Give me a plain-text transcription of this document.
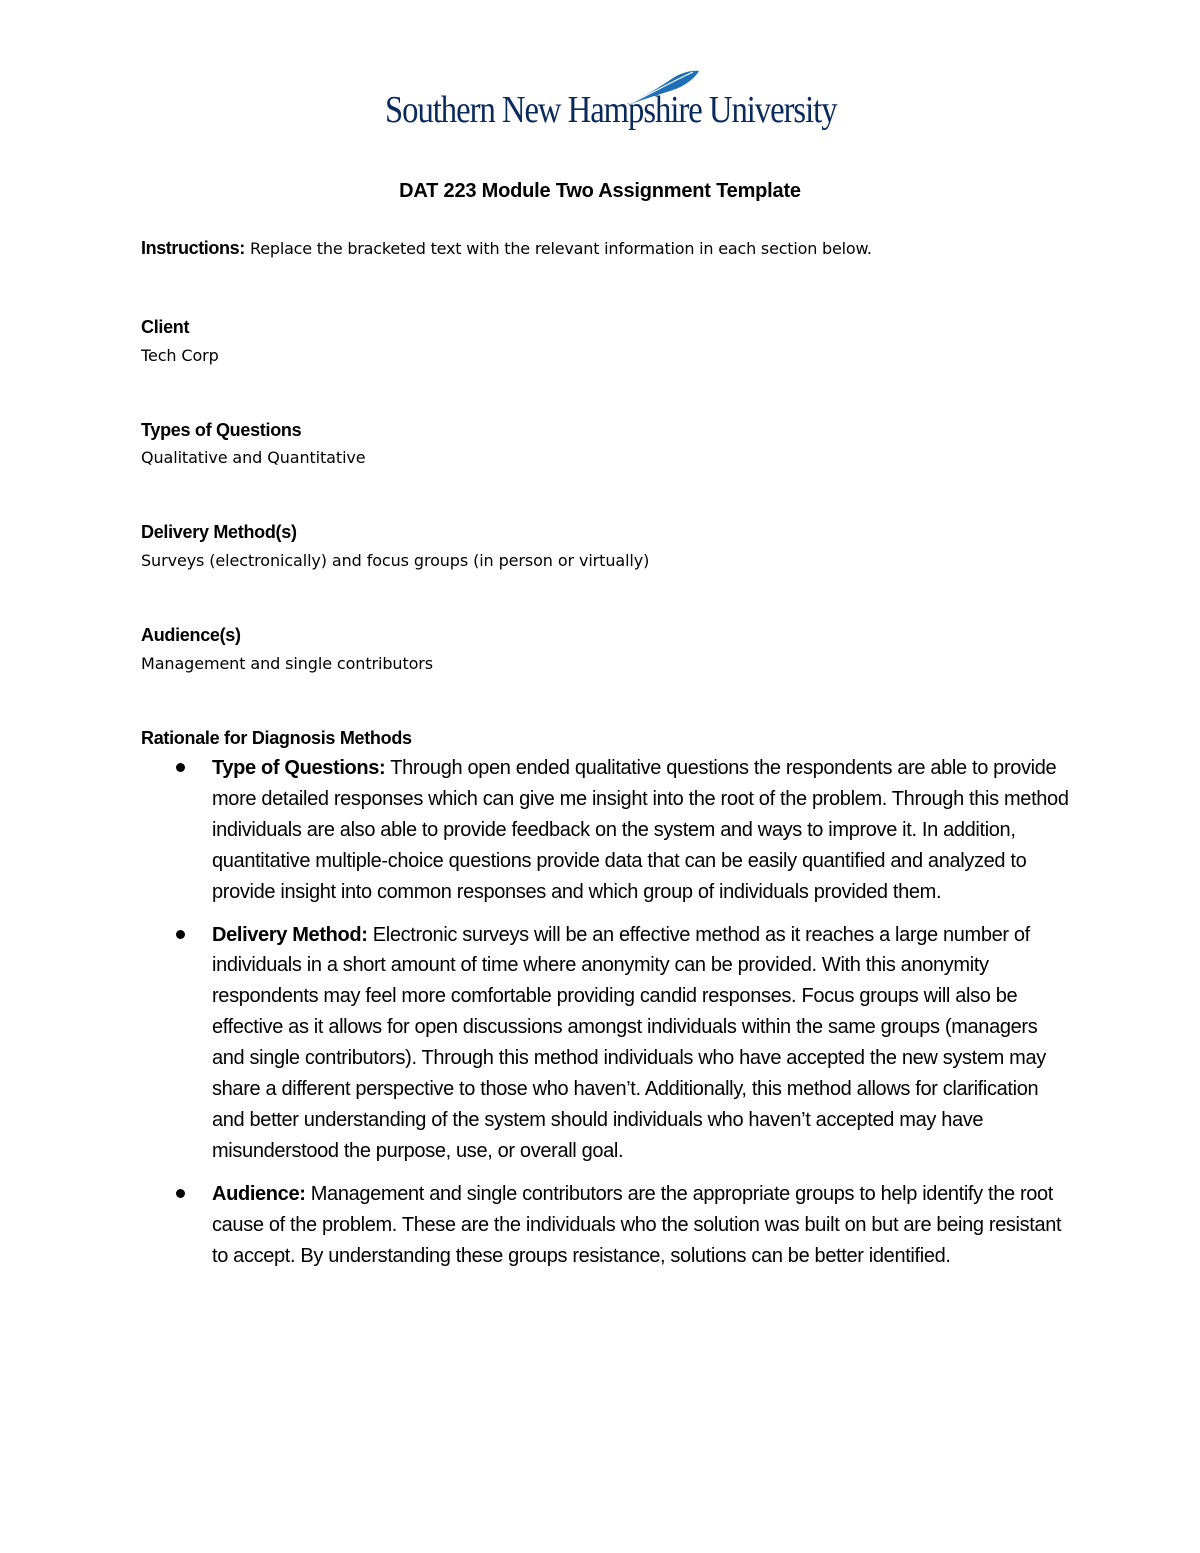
Southern New Hampshire University
DAT 223 Module Two Assignment Template
Instructions: Replace the bracketed text with the relevant information in each section below.
Client
Tech Corp
Types of Questions
Qualitative and Quantitative
Delivery Method(s)
Surveys (electronically) and focus groups (in person or virtually)
Audience(s)
Management and single contributors
Rationale for Diagnosis Methods
Type of Questions: Through open ended qualitative questions the respondents are able to provide more detailed responses which can give me insight into the root of the problem. Through this method individuals are also able to provide feedback on the system and ways to improve it. In addition, quantitative multiple-choice questions provide data that can be easily quantified and analyzed to provide insight into common responses and which group of individuals provided them.
Delivery Method: Electronic surveys will be an effective method as it reaches a large number of individuals in a short amount of time where anonymity can be provided. With this anonymity respondents may feel more comfortable providing candid responses. Focus groups will also be effective as it allows for open discussions amongst individuals within the same groups (managers and single contributors). Through this method individuals who have accepted the new system may share a different perspective to those who haven’t. Additionally, this method allows for clarification and better understanding of the system should individuals who haven’t accepted may have misunderstood the purpose, use, or overall goal.
Audience: Management and single contributors are the appropriate groups to help identify the root cause of the problem. These are the individuals who the solution was built on but are being resistant to accept. By understanding these groups resistance, solutions can be better identified.
